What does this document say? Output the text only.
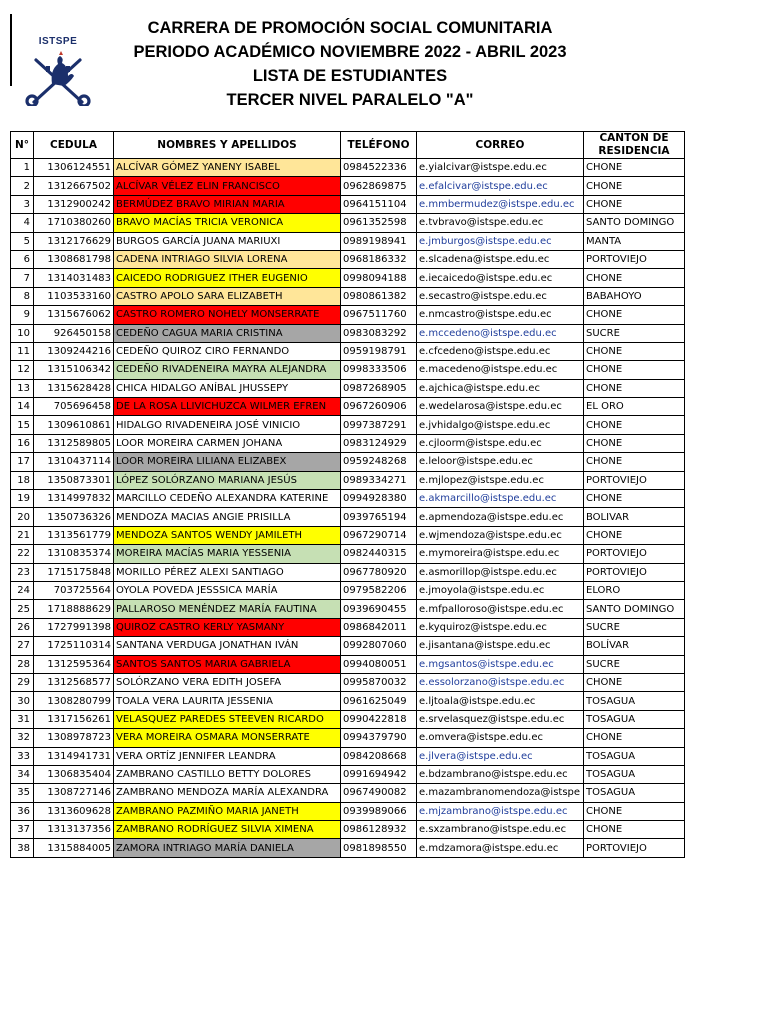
ISTSPE
CARRERA DE PROMOCIÓN SOCIAL COMUNITARIA
PERIODO ACADÉMICO NOVIEMBRE 2022 - ABRIL 2023
LISTA DE ESTUDIANTES
TERCER NIVEL PARALELO "A"
N°	CEDULA	NOMBRES Y APELLIDOS	TELÉFONO	CORREO	CANTON DE RESIDENCIA
1	1306124551	ALCÍVAR GÓMEZ YANENY ISABEL	0984522336	e.yialcivar@istspe.edu.ec	CHONE
2	1312667502	ALCÍVAR VÉLEZ ELIN FRANCISCO	0962869875	e.efalcivar@istspe.edu.ec	CHONE
3	1312900242	BERMÚDEZ BRAVO MIRIAN MARIA	0964151104	e.mmbermudez@istspe.edu.ec	CHONE
4	1710380260	BRAVO MACÍAS TRICIA VERONICA	0961352598	e.tvbravo@istspe.edu.ec	SANTO DOMINGO
5	1312176629	BURGOS GARCÍA JUANA MARIUXI	0989198941	e.jmburgos@istspe.edu.ec	MANTA
6	1308681798	CADENA INTRIAGO SILVIA LORENA	0968186332	e.slcadena@istspe.edu.ec	PORTOVIEJO
7	1314031483	CAICEDO RODRIGUEZ ITHER EUGENIO	0998094188	e.iecaicedo@istspe.edu.ec	CHONE
8	1103533160	CASTRO APOLO SARA ELIZABETH	0980861382	e.secastro@istspe.edu.ec	BABAHOYO
9	1315676062	CASTRO ROMERO NOHELY MONSERRATE	0967511760	e.nmcastro@istspe.edu.ec	CHONE
10	926450158	CEDEÑO CAGUA MARIA CRISTINA	0983083292	e.mccedeno@istspe.edu.ec	SUCRE
11	1309244216	CEDEÑO QUIROZ CIRO FERNANDO	0959198791	e.cfcedeno@istspe.edu.ec	CHONE
12	1315106342	CEDEÑO RIVADENEIRA MAYRA ALEJANDRA	0998333506	e.macedeno@istspe.edu.ec	CHONE
13	1315628428	CHICA HIDALGO ANÍBAL JHUSSEPY	0987268905	e.ajchica@istspe.edu.ec	CHONE
14	705696458	DE LA ROSA LLIVICHUZCA WILMER EFREN	0967260906	e.wedelarosa@istspe.edu.ec	EL ORO
15	1309610861	HIDALGO RIVADENEIRA JOSÉ VINICIO	0997387291	e.jvhidalgo@istspe.edu.ec	CHONE
16	1312589805	LOOR MOREIRA CARMEN JOHANA	0983124929	e.cjloorm@istspe.edu.ec	CHONE
17	1310437114	LOOR MOREIRA LILIANA ELIZABEX	0959248268	e.leloor@istspe.edu.ec	CHONE
18	1350873301	LÓPEZ SOLÓRZANO MARIANA JESÚS	0989334271	e.mjlopez@istspe.edu.ec	PORTOVIEJO
19	1314997832	MARCILLO CEDEÑO ALEXANDRA KATERINE	0994928380	e.akmarcillo@istspe.edu.ec	CHONE
20	1350736326	MENDOZA MACIAS ANGIE PRISILLA	0939765194	e.apmendoza@istspe.edu.ec	BOLIVAR
21	1313561779	MENDOZA SANTOS WENDY JAMILETH	0967290714	e.wjmendoza@istspe.edu.ec	CHONE
22	1310835374	MOREIRA MACÍAS MARIA YESSENIA	0982440315	e.mymoreira@istspe.edu.ec	PORTOVIEJO
23	1715175848	MORILLO PÉREZ ALEXI SANTIAGO	0967780920	e.asmorillop@istspe.edu.ec	PORTOVIEJO
24	703725564	OYOLA POVEDA JESSSICA MARÍA	0979582206	e.jmoyola@istspe.edu.ec	ELORO
25	1718888629	PALLAROSO MENÉNDEZ MARÍA FAUTINA	0939690455	e.mfpalloroso@istspe.edu.ec	SANTO DOMINGO
26	1727991398	QUIROZ CASTRO KERLY YASMANY	0986842011	e.kyquiroz@istspe.edu.ec	SUCRE
27	1725110314	SANTANA VERDUGA JONATHAN IVÁN	0992807060	e.jisantana@istspe.edu.ec	BOLÍVAR
28	1312595364	SANTOS SANTOS MARIA GABRIELA	0994080051	e.mgsantos@istspe.edu.ec	SUCRE
29	1312568577	SOLÓRZANO VERA EDITH JOSEFA	0995870032	e.essolorzano@istspe.edu.ec	CHONE
30	1308280799	TOALA VERA LAURITA JESSENIA	0961625049	e.ljtoala@istspe.edu.ec	TOSAGUA
31	1317156261	VELASQUEZ PAREDES STEEVEN RICARDO	0990422818	e.srvelasquez@istspe.edu.ec	TOSAGUA
32	1308978723	VERA MOREIRA OSMARA MONSERRATE	0994379790	e.omvera@istspe.edu.ec	CHONE
33	1314941731	VERA ORTÍZ JENNIFER LEANDRA	0984208668	e.jlvera@istspe.edu.ec	TOSAGUA
34	1306835404	ZAMBRANO CASTILLO BETTY DOLORES	0991694942	e.bdzambrano@istspe.edu.ec	TOSAGUA
35	1308727146	ZAMBRANO MENDOZA MARÍA ALEXANDRA	0967490082	e.mazambranomendoza@istspe	TOSAGUA
36	1313609628	ZAMBRANO PAZMIÑO MARIA JANETH	0939989066	e.mjzambrano@istspe.edu.ec	CHONE
37	1313137356	ZAMBRANO RODRÍGUEZ SILVIA XIMENA	0986128932	e.sxzambrano@istspe.edu.ec	CHONE
38	1315884005	ZAMORA INTRIAGO MARÍA DANIELA	0981898550	e.mdzamora@istspe.edu.ec	PORTOVIEJO
